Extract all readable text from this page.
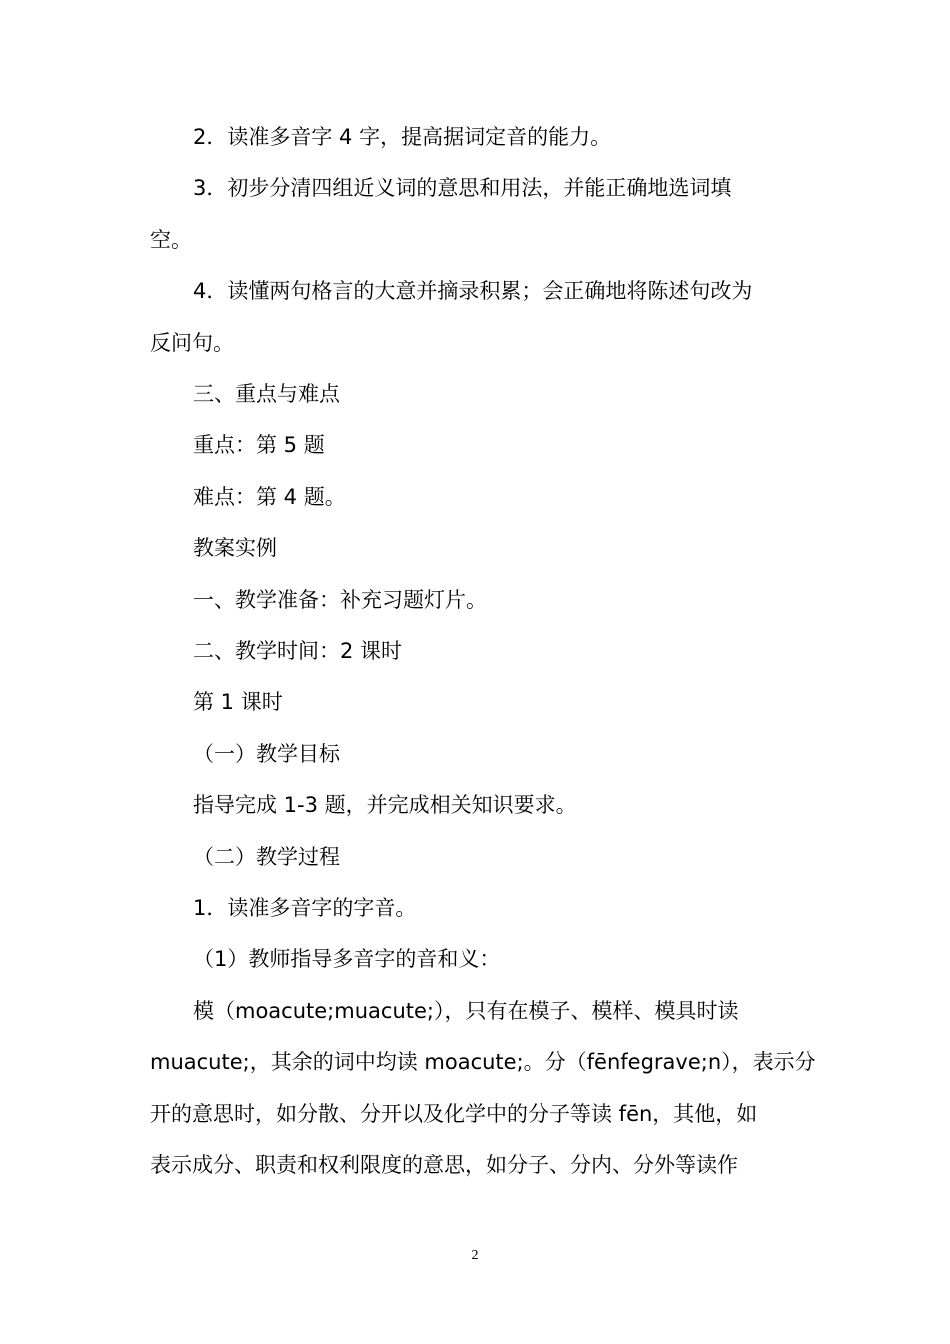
2．读准多音字 4 字，提高据词定音的能力。
3．初步分清四组近义词的意思和用法，并能正确地选词填
空。
4．读懂两句格言的大意并摘录积累；会正确地将陈述句改为
反问句。
三、重点与难点
重点：第 5 题
难点：第 4 题。
教案实例
一、教学准备：补充习题灯片。
二、教学时间：2 课时
第 1 课时
（一）教学目标
指导完成 1-3 题，并完成相关知识要求。
（二）教学过程
1．读准多音字的字音。
（1）教师指导多音字的音和义：
模（moacute;muacute;），只有在模子、模样、模具时读
muacute;，其余的词中均读 moacute;。分（fēnfegrave;n），表示分
开的意思时，如分散、分开以及化学中的分子等读 fēn，其他，如
表示成分、职责和权利限度的意思，如分子、分内、分外等读作
2
